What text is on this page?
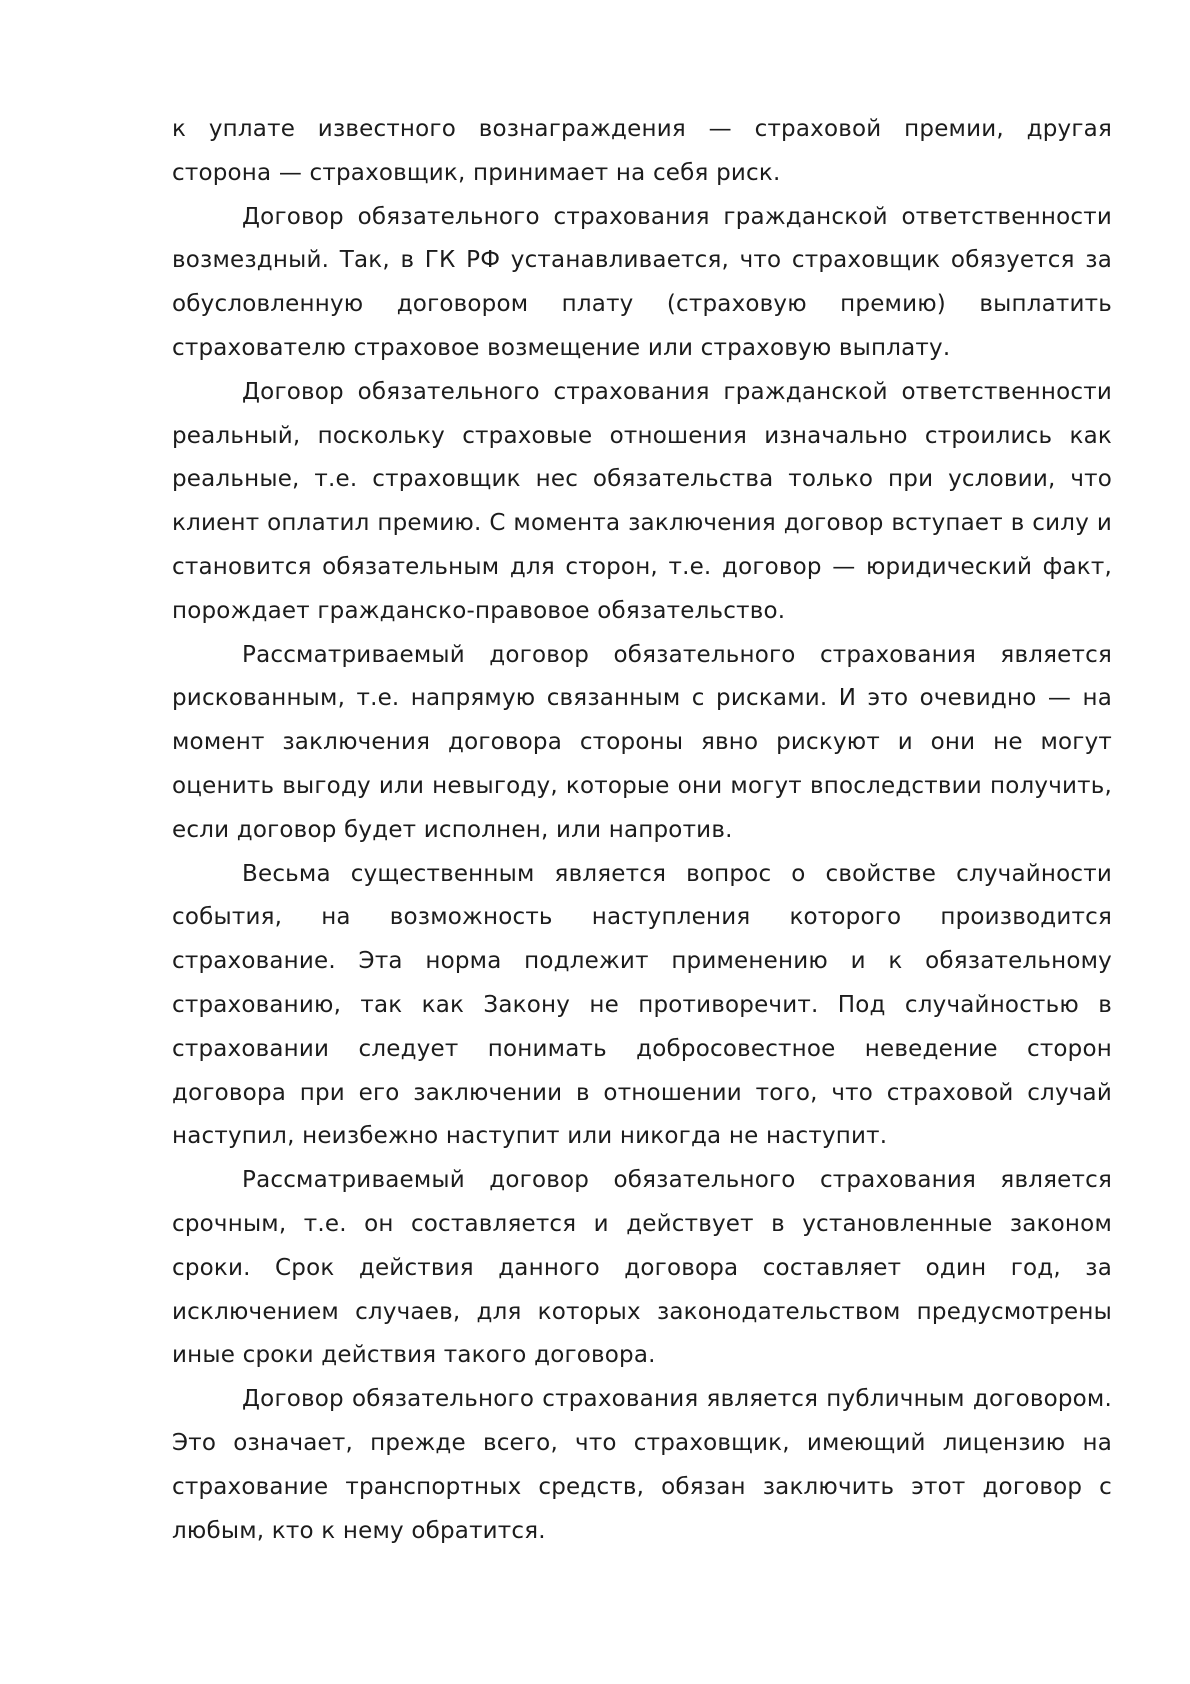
к уплате известного вознаграждения — страховой премии, другая сторона — страховщик, принимает на себя риск.

Договор обязательного страхования гражданской ответственности возмездный. Так, в ГК РФ устанавливается, что страховщик обязуется за обусловленную договором плату (страховую премию) выплатить страхователю страховое возмещение или страховую выплату.

Договор обязательного страхования гражданской ответственности реальный, поскольку страховые отношения изначально строились как реальные, т.е. страховщик нес обязательства только при условии, что клиент оплатил премию. С момента заключения договор вступает в силу и становится обязательным для сторон, т.е. договор — юридический факт, порождает гражданско-правовое обязательство.

Рассматриваемый договор обязательного страхования является рискованным, т.е. напрямую связанным с рисками. И это очевидно — на момент заключения договора стороны явно рискуют и они не могут оценить выгоду или невыгоду, которые они могут впоследствии получить, если договор будет исполнен, или напротив.

Весьма существенным является вопрос о свойстве случайности события, на возможность наступления которого производится страхование. Эта норма подлежит применению и к обязательному страхованию, так как Закону не противоречит. Под случайностью в страховании следует понимать добросовестное неведение сторон договора при его заключении в отношении того, что страховой случай наступил, неизбежно наступит или никогда не наступит.

Рассматриваемый договор обязательного страхования является срочным, т.е. он составляется и действует в установленные законом сроки. Срок действия данного договора составляет один год, за исключением случаев, для которых законодательством предусмотрены иные сроки действия такого договора.

Договор обязательного страхования является публичным договором. Это означает, прежде всего, что страховщик, имеющий лицензию на страхование транспортных средств, обязан заключить этот договор с любым, кто к нему обратится.
